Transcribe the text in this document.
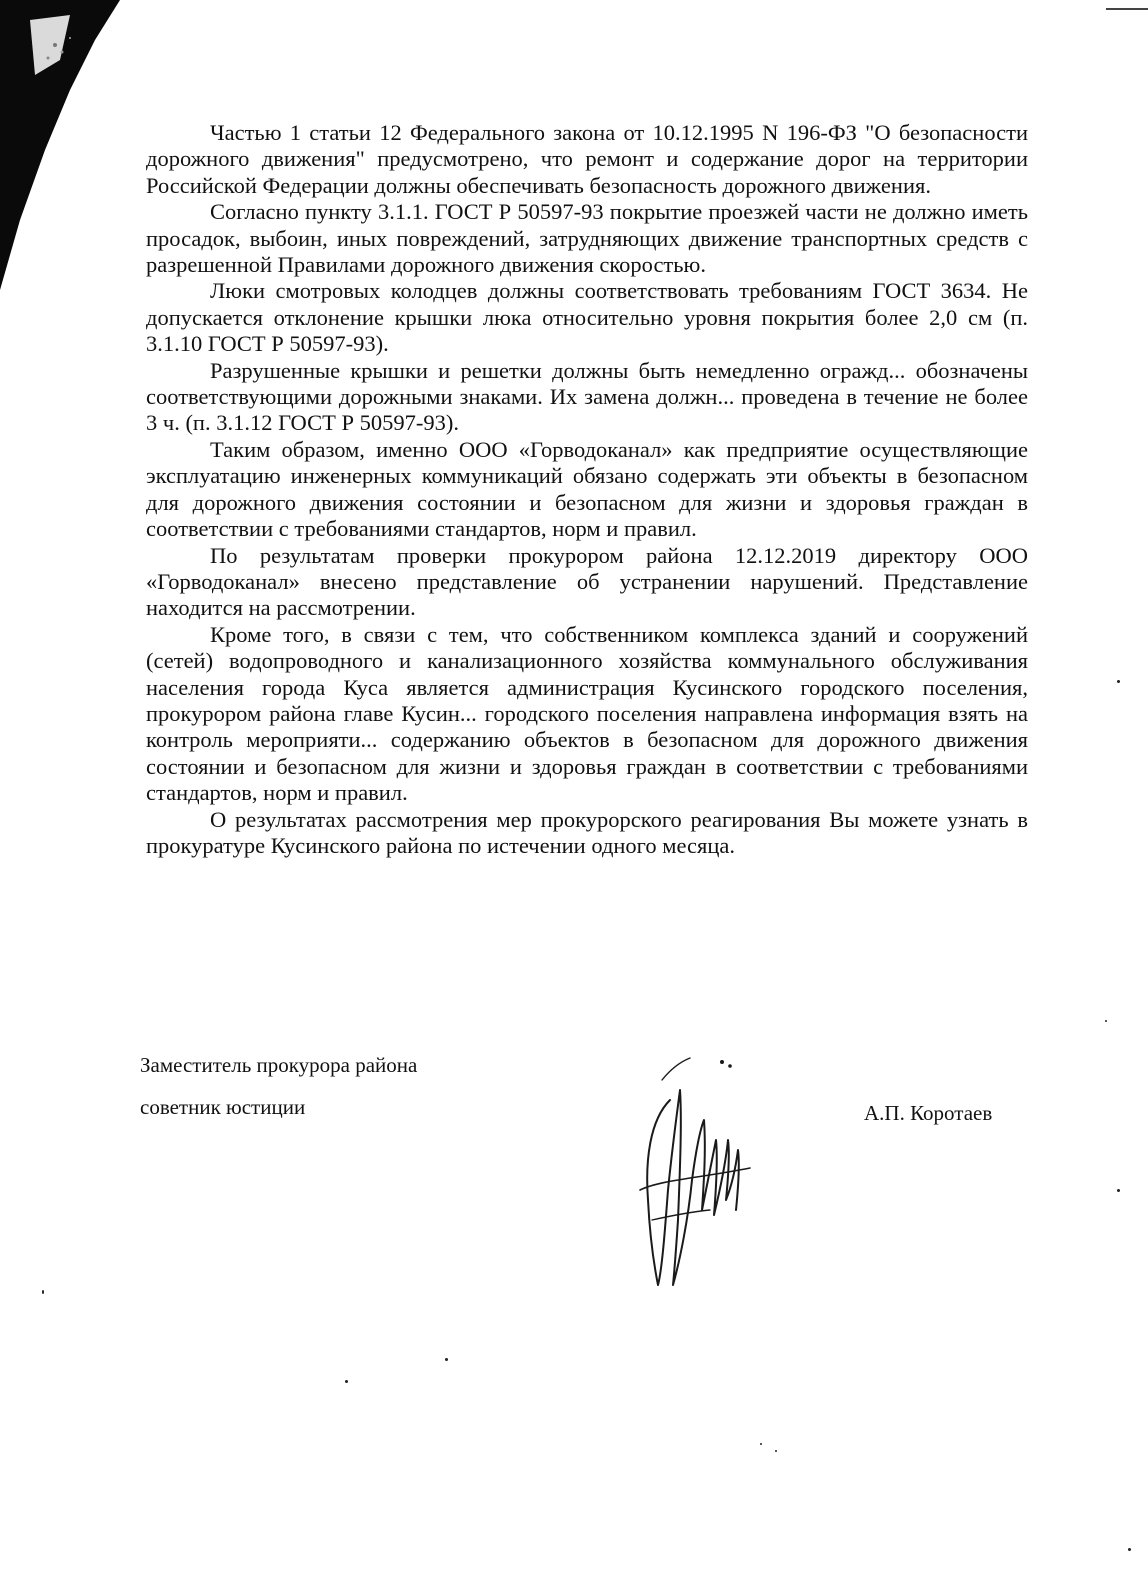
Частью 1 статьи 12 Федерального закона от 10.12.1995 N 196-ФЗ "О безопасности дорожного движения" предусмотрено, что ремонт и содержание дорог на территории Российской Федерации должны обеспечивать безопасность дорожного движения.

Согласно пункту 3.1.1. ГОСТ Р 50597-93 покрытие проезжей части не должно иметь просадок, выбоин, иных повреждений, затрудняющих движение транспортных средств с разрешенной Правилами дорожного движения скоростью.

Люки смотровых колодцев должны соответствовать требованиям ГОСТ 3634. Не допускается отклонение крышки люка относительно уровня покрытия более 2,0 см (п. 3.1.10 ГОСТ Р 50597-93).

Разрушенные крышки и решетки должны быть немедленно огражд... обозначены соответствующими дорожными знаками. Их замена должн... проведена в течение не более 3 ч. (п. 3.1.12 ГОСТ Р 50597-93).

Таким образом, именно ООО «Горводоканал» как предприятие осуществляющие эксплуатацию инженерных коммуникаций обязано содержать эти объекты в безопасном для дорожного движения состоянии и безопасном для жизни и здоровья граждан в соответствии с требованиями стандартов, норм и правил.

По результатам проверки прокурором района 12.12.2019 директору ООО «Горводоканал» внесено представление об устранении нарушений. Представление находится на рассмотрении.

Кроме того, в связи с тем, что собственником комплекса зданий и сооружений (сетей) водопроводного и канализационного хозяйства коммунального обслуживания населения города Куса является администрация Кусинского городского поселения, прокурором района главе Кусин... городского поселения направлена информация взять на контроль мероприяти... содержанию объектов в безопасном для дорожного движения состоянии и безопасном для жизни и здоровья граждан в соответствии с требованиями стандартов, норм и правил.

О результатах рассмотрения мер прокурорского реагирования Вы можете узнать в прокуратуре Кусинского района по истечении одного месяца.

Заместитель прокурора района
советник юстиции	А.П. Коротаев
